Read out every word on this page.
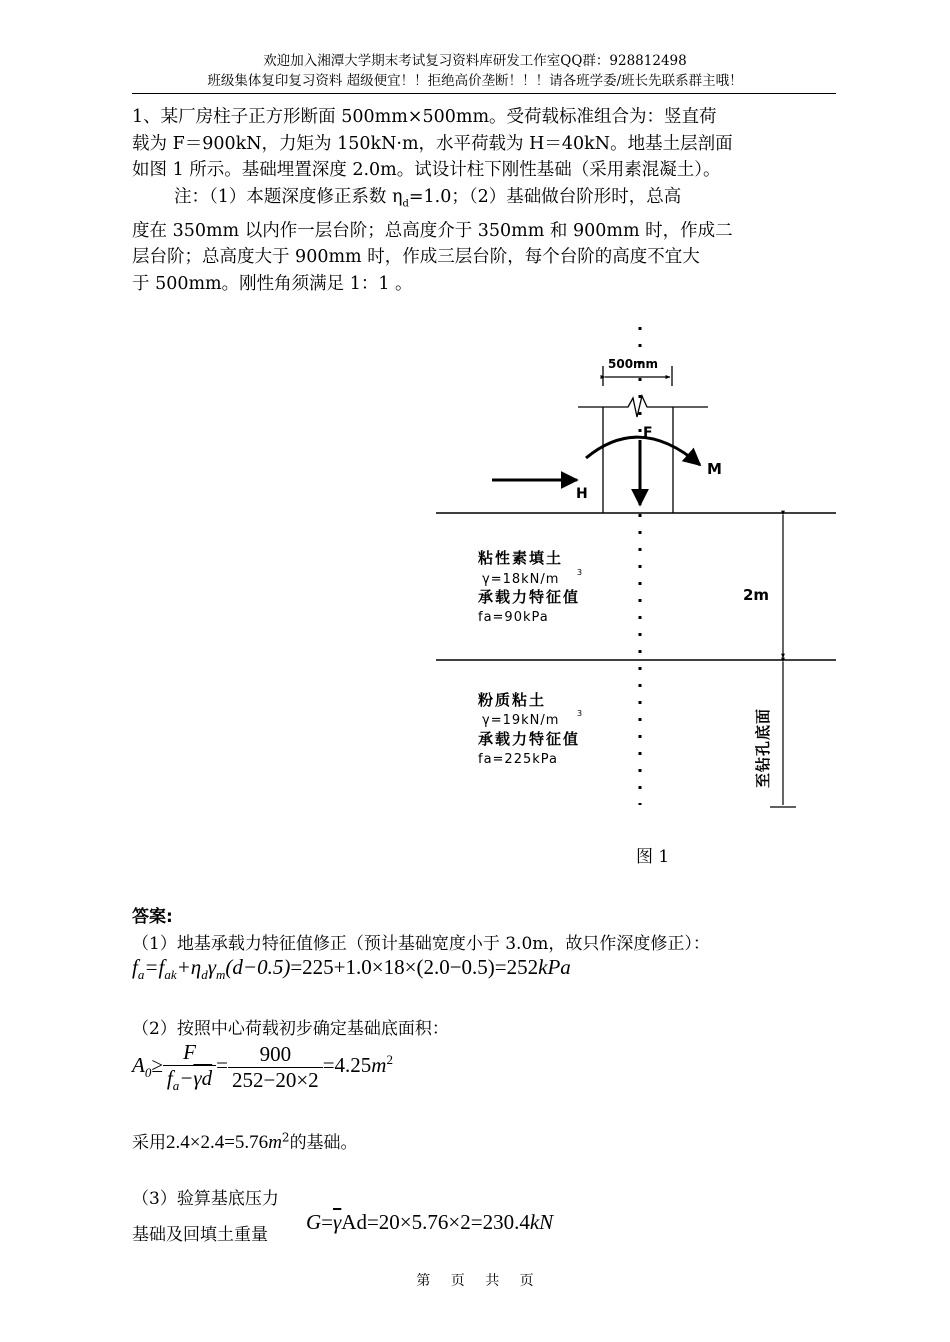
欢迎加入湘潭大学期末考试复习资料库研发工作室QQ群：928812498
班级集体复印复习资料 超级便宜！！拒绝高价垄断！！！请各班学委/班长先联系群主哦！
1、某厂房柱子正方形断面 500mm×500mm。受荷载标准组合为：竖直荷
载为 F＝900kN，力矩为 150kN·m，水平荷载为 H＝40kN。地基土层剖面
如图 1 所示。基础埋置深度 2.0m。试设计柱下刚性基础（采用素混凝土）。
注：（1）本题深度修正系数 $\eta_d=1.0$；（2）基础做台阶形时，总高
度在 350mm 以内作一层台阶；总高度介于 350mm 和 900mm 时，作成二
层台阶；总高度大于 900mm 时，作成三层台阶，每个台阶的高度不宜大
于 500mm。刚性角须满足 1：1 。
500mm
F
M
H
2m
至钻孔底面
粘性素填土
γ=18kN/m 3
承载力特征值
fa=90kPa
粉质粘土
γ=19kN/m 3
承载力特征值
fa=225kPa
图 1
答案:
（1）地基承载力特征值修正（预计基础宽度小于 3.0m，故只作深度修正）：
$f_a=f_{ak}+\eta_d\gamma_m(d-0.5)=225+1.0\times 18\times(2.0-0.5)=252kPa$
（2）按照中心荷载初步确定基础底面积：
$A_0\ge \frac{F}{f_a-\overline{\gamma d}} = \frac{900}{252-20\times 2} =4.25m^2$
采用$2.4\times 2.4=5.76m^2$的基础。
（3）验算基底压力
基础及回填土重量
$G=\overline{\gamma}Ad=20\times 5.76\times 2=230.4kN$
第 页 共 页
